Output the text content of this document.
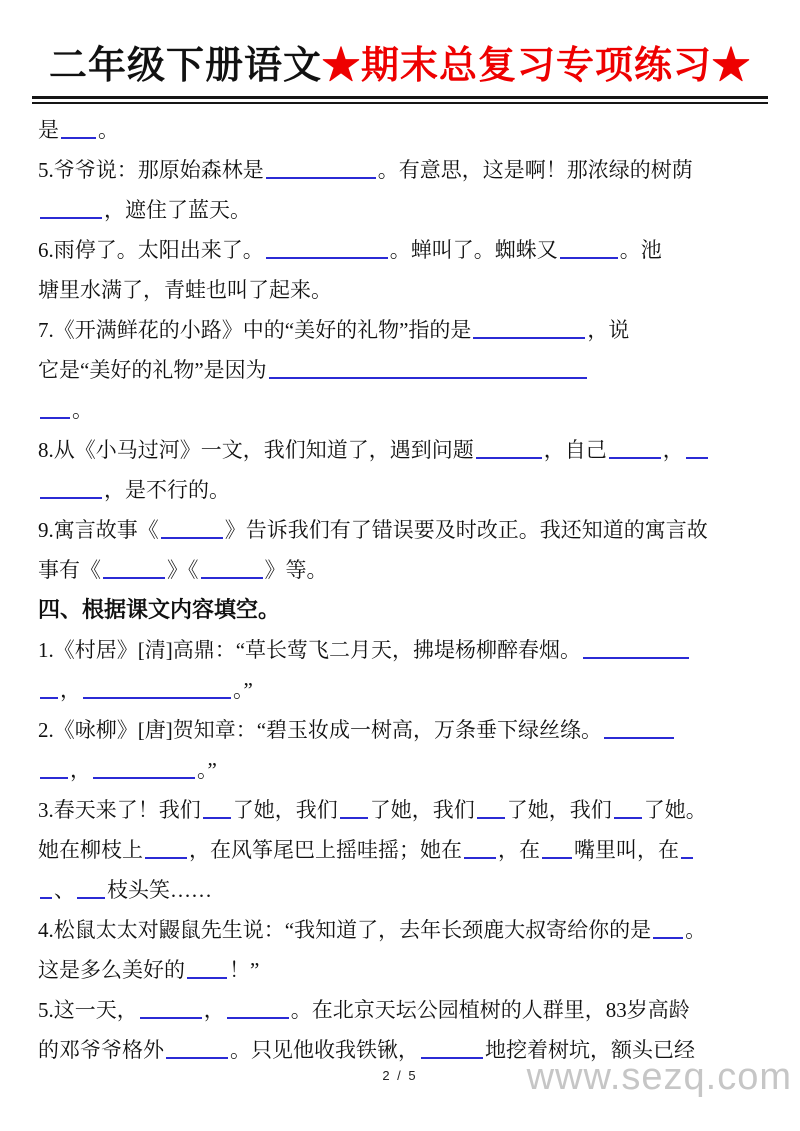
二年级下册语文★期末总复习专项练习★
是 。
5.爷爷说：那原始森林是	。有意思，这是啊！那浓绿的树荫
，遮住了蓝天。
6.雨停了。太阳出来了。	。蝉叫了。蜘蛛又	。池
塘里水满了，青蛙也叫了起来。
7.《开满鲜花的小路》中的“美好的礼物”指的是	，说
它是“美好的礼物”是因为
。
8.从《小马过河》一文，我们知道了，遇到问题	，自己	，
，是不行的。
9.寓言故事《	》告诉我们有了错误要及时改正。我还知道的寓言故
事有《	》《	》等。
四、根据课文内容填空。
1.《村居》[清]高鼎：“草长莺飞二月天，拂堤杨柳醉春烟。
，	。”
2.《咏柳》[唐]贺知章：“碧玉妆成一树高，万条垂下绿丝绦。
，	。”
3.春天来了！我们 了她，我们 了她，我们 了她，我们 了她。
她在柳枝上 ，在风筝尾巴上摇哇摇；她在 ，在 嘴里叫，在
、 枝头笑……
4.松鼠太太对鼹鼠先生说：“我知道了，去年长颈鹿大叔寄给你的是 。
这是多么美好的 ！”
5.这一天，	，	。在北京天坛公园植树的人群里，83岁高龄
的邓爷爷格外	。只见他收我铁锹，	地挖着树坑，额头已经
2 / 5	www.sezq.com
